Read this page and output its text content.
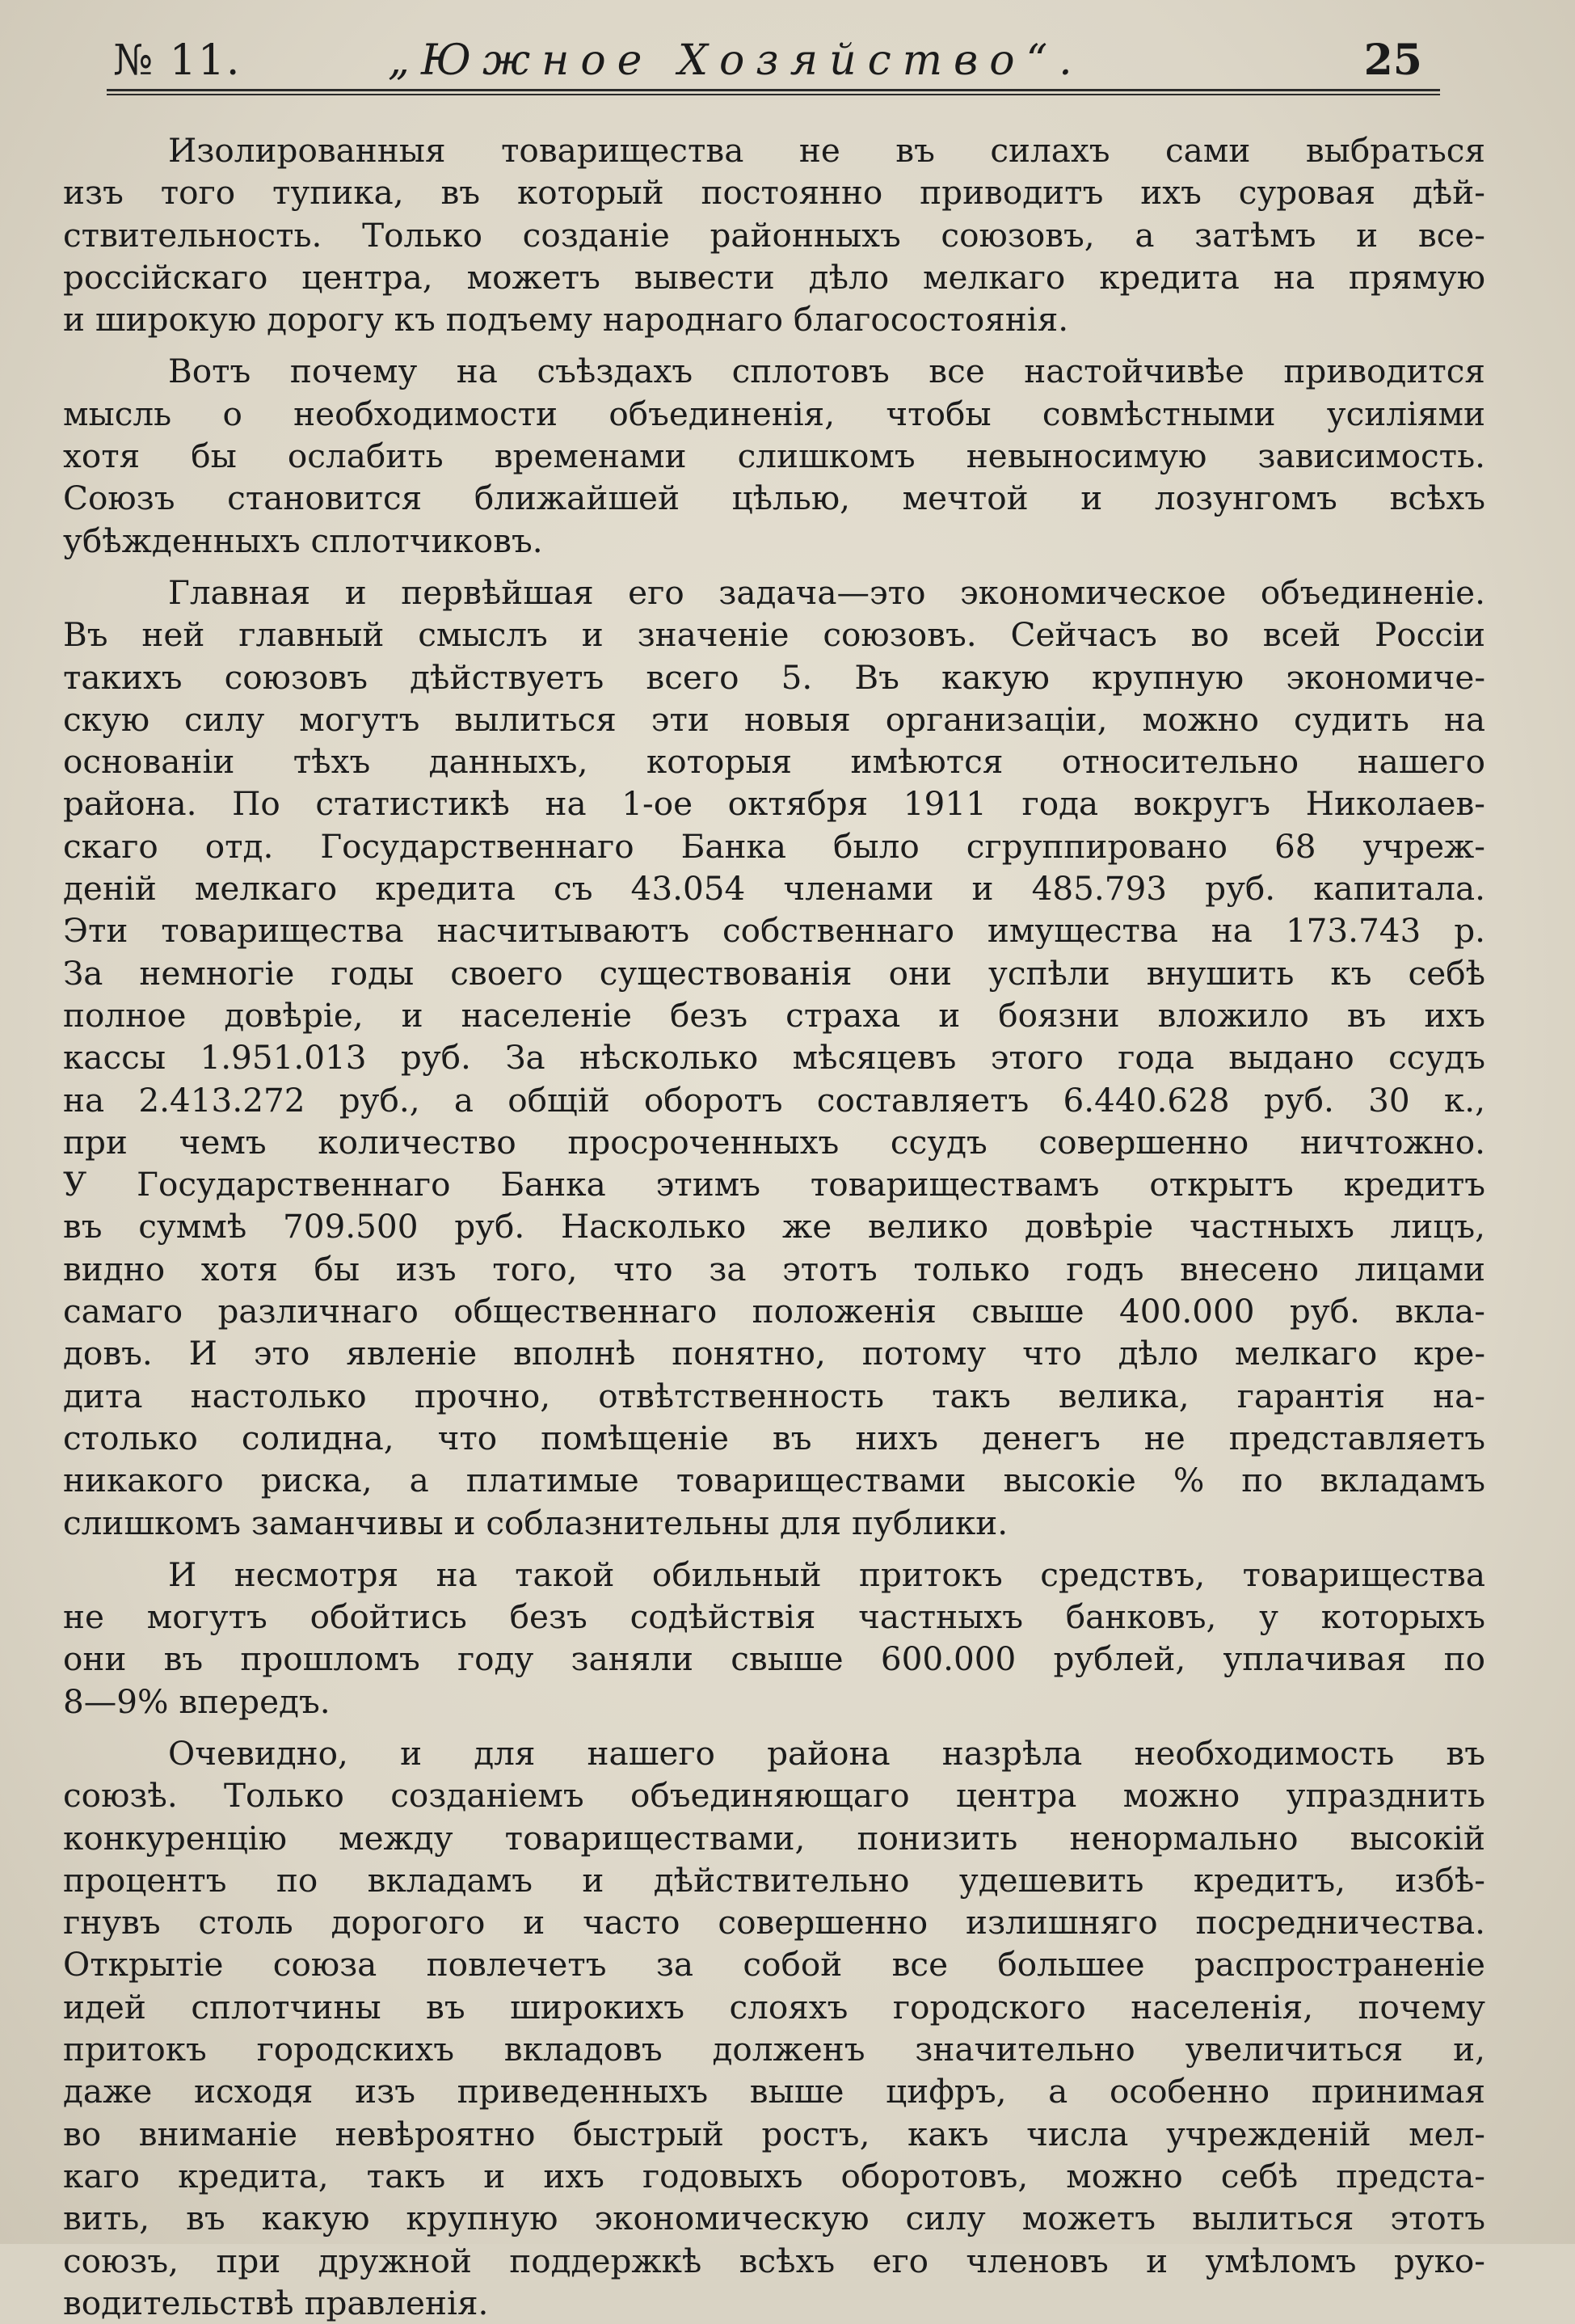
№ 11.	„Южное Хозяйство“.	25
Изолированныя товарищества не въ силахъ сами выбраться
изъ того тупика, въ который постоянно приводитъ ихъ суровая дѣй-
ствительность. Только созданіе районныхъ союзовъ, а затѣмъ и все-
россійскаго центра, можетъ вывести дѣло мелкаго кредита на прямую
и широкую дорогу къ подъему народнаго благосостоянія.
Вотъ почему на съѣздахъ сплотовъ все настойчивѣе приводится
мысль о необходимости объединенія, чтобы совмѣстными усиліями
хотя бы ослабить временами слишкомъ невыносимую зависимость.
Союзъ становится ближайшей цѣлью, мечтой и лозунгомъ всѣхъ
убѣжденныхъ сплотчиковъ.
Главная и первѣйшая его задача—это экономическое объединеніе.
Въ ней главный смыслъ и значеніе союзовъ. Сейчасъ во всей Россіи
такихъ союзовъ дѣйствуетъ всего 5. Въ какую крупную экономиче-
скую силу могутъ вылиться эти новыя организаціи, можно судить на
основаніи тѣхъ данныхъ, которыя имѣются относительно нашего
района. По статистикѣ на 1-ое октября 1911 года вокругъ Николаев-
скаго отд. Государственнаго Банка было сгруппировано 68 учреж-
деній мелкаго кредита съ 43.054 членами и 485.793 руб. капитала.
Эти товарищества насчитываютъ собственнаго имущества на 173.743 р.
За немногіе годы своего существованія они успѣли внушить къ себѣ
полное довѣріе, и населеніе безъ страха и боязни вложило въ ихъ
кассы 1.951.013 руб. За нѣсколько мѣсяцевъ этого года выдано ссудъ
на 2.413.272 руб., а общій оборотъ составляетъ 6.440.628 руб. 30 к.,
при чемъ количество просроченныхъ ссудъ совершенно ничтожно.
У Государственнаго Банка этимъ товариществамъ открытъ кредитъ
въ суммѣ 709.500 руб. Насколько же велико довѣріе частныхъ лицъ,
видно хотя бы изъ того, что за этотъ только годъ внесено лицами
самаго различнаго общественнаго положенія свыше 400.000 руб. вкла-
довъ. И это явленіе вполнѣ понятно, потому что дѣло мелкаго кре-
дита настолько прочно, отвѣтственность такъ велика, гарантія на-
столько солидна, что помѣщеніе въ нихъ денегъ не представляетъ
никакого риска, а платимые товариществами высокіе % по вкладамъ
слишкомъ заманчивы и соблазнительны для публики.
И несмотря на такой обильный притокъ средствъ, товарищества
не могутъ обойтись безъ содѣйствія частныхъ банковъ, у которыхъ
они въ прошломъ году заняли свыше 600.000 рублей, уплачивая по
8—9% впередъ.
Очевидно, и для нашего района назрѣла необходимость въ
союзѣ. Только созданіемъ объединяющаго центра можно упразднить
конкуренцію между товариществами, понизить ненормально высокій
процентъ по вкладамъ и дѣйствительно удешевить кредитъ, избѣ-
гнувъ столь дорогого и часто совершенно излишняго посредничества.
Открытіе союза повлечетъ за собой все большее распространеніе
идей сплотчины въ широкихъ слояхъ городского населенія, почему
притокъ городскихъ вкладовъ долженъ значительно увеличиться и,
даже исходя изъ приведенныхъ выше цифръ, а особенно принимая
во вниманіе невѣроятно быстрый ростъ, какъ числа учрежденій мел-
каго кредита, такъ и ихъ годовыхъ оборотовъ, можно себѣ предста-
вить, въ какую крупную экономическую силу можетъ вылиться этотъ
союзъ, при дружной поддержкѣ всѣхъ его членовъ и умѣломъ руко-
водительствѣ правленія.
